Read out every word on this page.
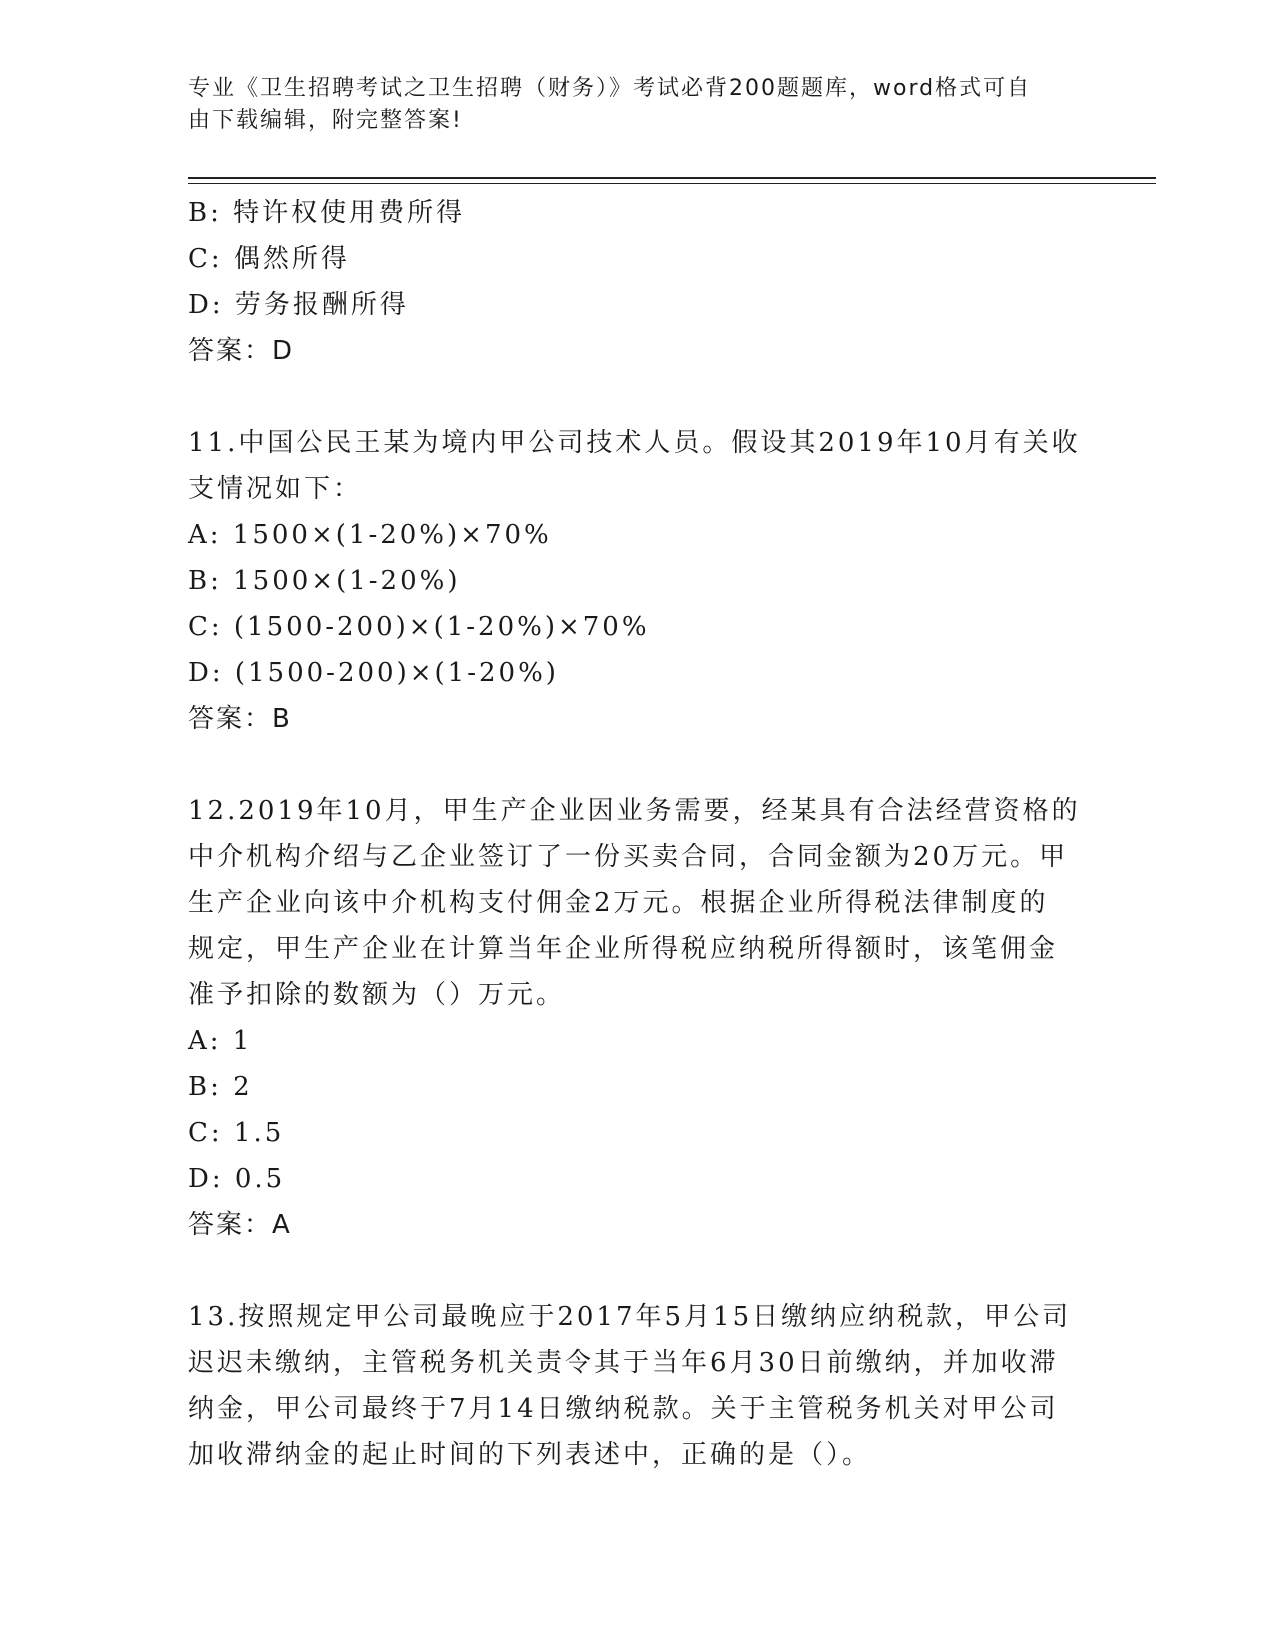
专业《卫生招聘考试之卫生招聘（财务）》考试必背200题题库，word格式可自
由下载编辑，附完整答案!
B: 特许权使用费所得
C: 偶然所得
D: 劳务报酬所得
答案：D
11.中国公民王某为境内甲公司技术人员。假设其2019年10月有关收
支情况如下：
A: 1500×(1-20%)×70%
B: 1500×(1-20%)
C: (1500-200)×(1-20%)×70%
D: (1500-200)×(1-20%)
答案：B
12.2019年10月，甲生产企业因业务需要，经某具有合法经营资格的
中介机构介绍与乙企业签订了一份买卖合同，合同金额为20万元。甲
生产企业向该中介机构支付佣金2万元。根据企业所得税法律制度的
规定，甲生产企业在计算当年企业所得税应纳税所得额时，该笔佣金
准予扣除的数额为（）万元。
A: 1
B: 2
C: 1.5
D: 0.5
答案：A
13.按照规定甲公司最晚应于2017年5月15日缴纳应纳税款，甲公司
迟迟未缴纳，主管税务机关责令其于当年6月30日前缴纳，并加收滞
纳金，甲公司最终于7月14日缴纳税款。关于主管税务机关对甲公司
加收滞纳金的起止时间的下列表述中，正确的是（）。
